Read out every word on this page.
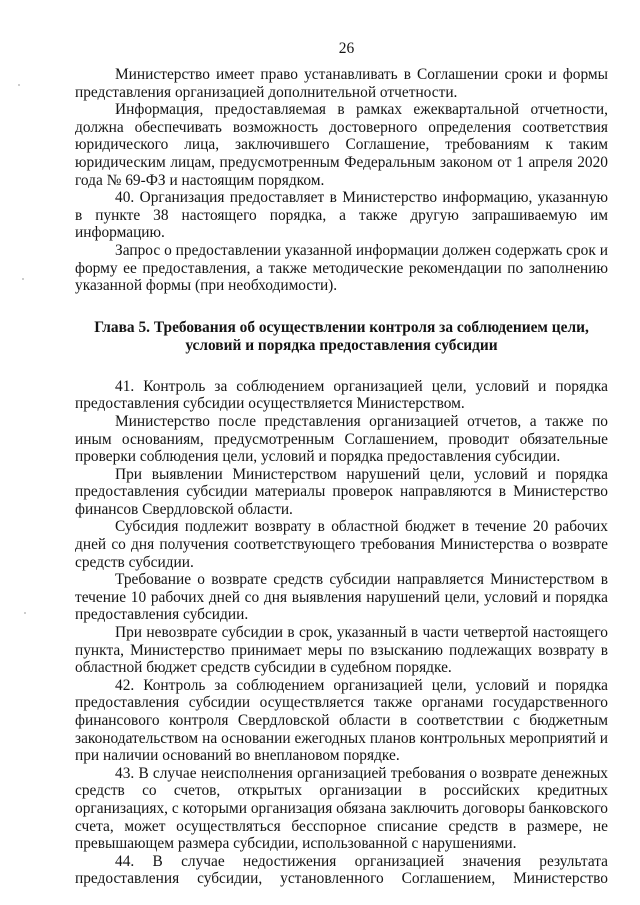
26

Министерство имеет право устанавливать в Соглашении сроки и формы представления организацией дополнительной отчетности.

Информация, предоставляемая в рамках ежеквартальной отчетности, должна обеспечивать возможность достоверного определения соответствия юридического лица, заключившего Соглашение, требованиям к таким юридическим лицам, предусмотренным Федеральным законом от 1 апреля 2020 года № 69-ФЗ и настоящим порядком.

40. Организация предоставляет в Министерство информацию, указанную в пункте 38 настоящего порядка, а также другую запрашиваемую им информацию.

Запрос о предоставлении указанной информации должен содержать срок и форму ее предоставления, а также методические рекомендации по заполнению указанной формы (при необходимости).

Глава 5. Требования об осуществлении контроля за соблюдением цели,
условий и порядка предоставления субсидии

41. Контроль за соблюдением организацией цели, условий и порядка предоставления субсидии осуществляется Министерством.

Министерство после представления организацией отчетов, а также по иным основаниям, предусмотренным Соглашением, проводит обязательные проверки соблюдения цели, условий и порядка предоставления субсидии.

При выявлении Министерством нарушений цели, условий и порядка предоставления субсидии материалы проверок направляются в Министерство финансов Свердловской области.

Субсидия подлежит возврату в областной бюджет в течение 20 рабочих дней со дня получения соответствующего требования Министерства о возврате средств субсидии.

Требование о возврате средств субсидии направляется Министерством в течение 10 рабочих дней со дня выявления нарушений цели, условий и порядка предоставления субсидии.

При невозврате субсидии в срок, указанный в части четвертой настоящего пункта, Министерство принимает меры по взысканию подлежащих возврату в областной бюджет средств субсидии в судебном порядке.

42. Контроль за соблюдением организацией цели, условий и порядка предоставления субсидии осуществляется также органами государственного финансового контроля Свердловской области в соответствии с бюджетным законодательством на основании ежегодных планов контрольных мероприятий и при наличии оснований во внеплановом порядке.

43. В случае неисполнения организацией требования о возврате денежных средств со счетов, открытых организации в российских кредитных организациях, с которыми организация обязана заключить договоры банковского счета, может осуществляться бесспорное списание средств в размере, не превышающем размера субсидии, использованной с нарушениями.

44. В случае недостижения организацией значения результата предоставления субсидии, установленного Соглашением, Министерство
